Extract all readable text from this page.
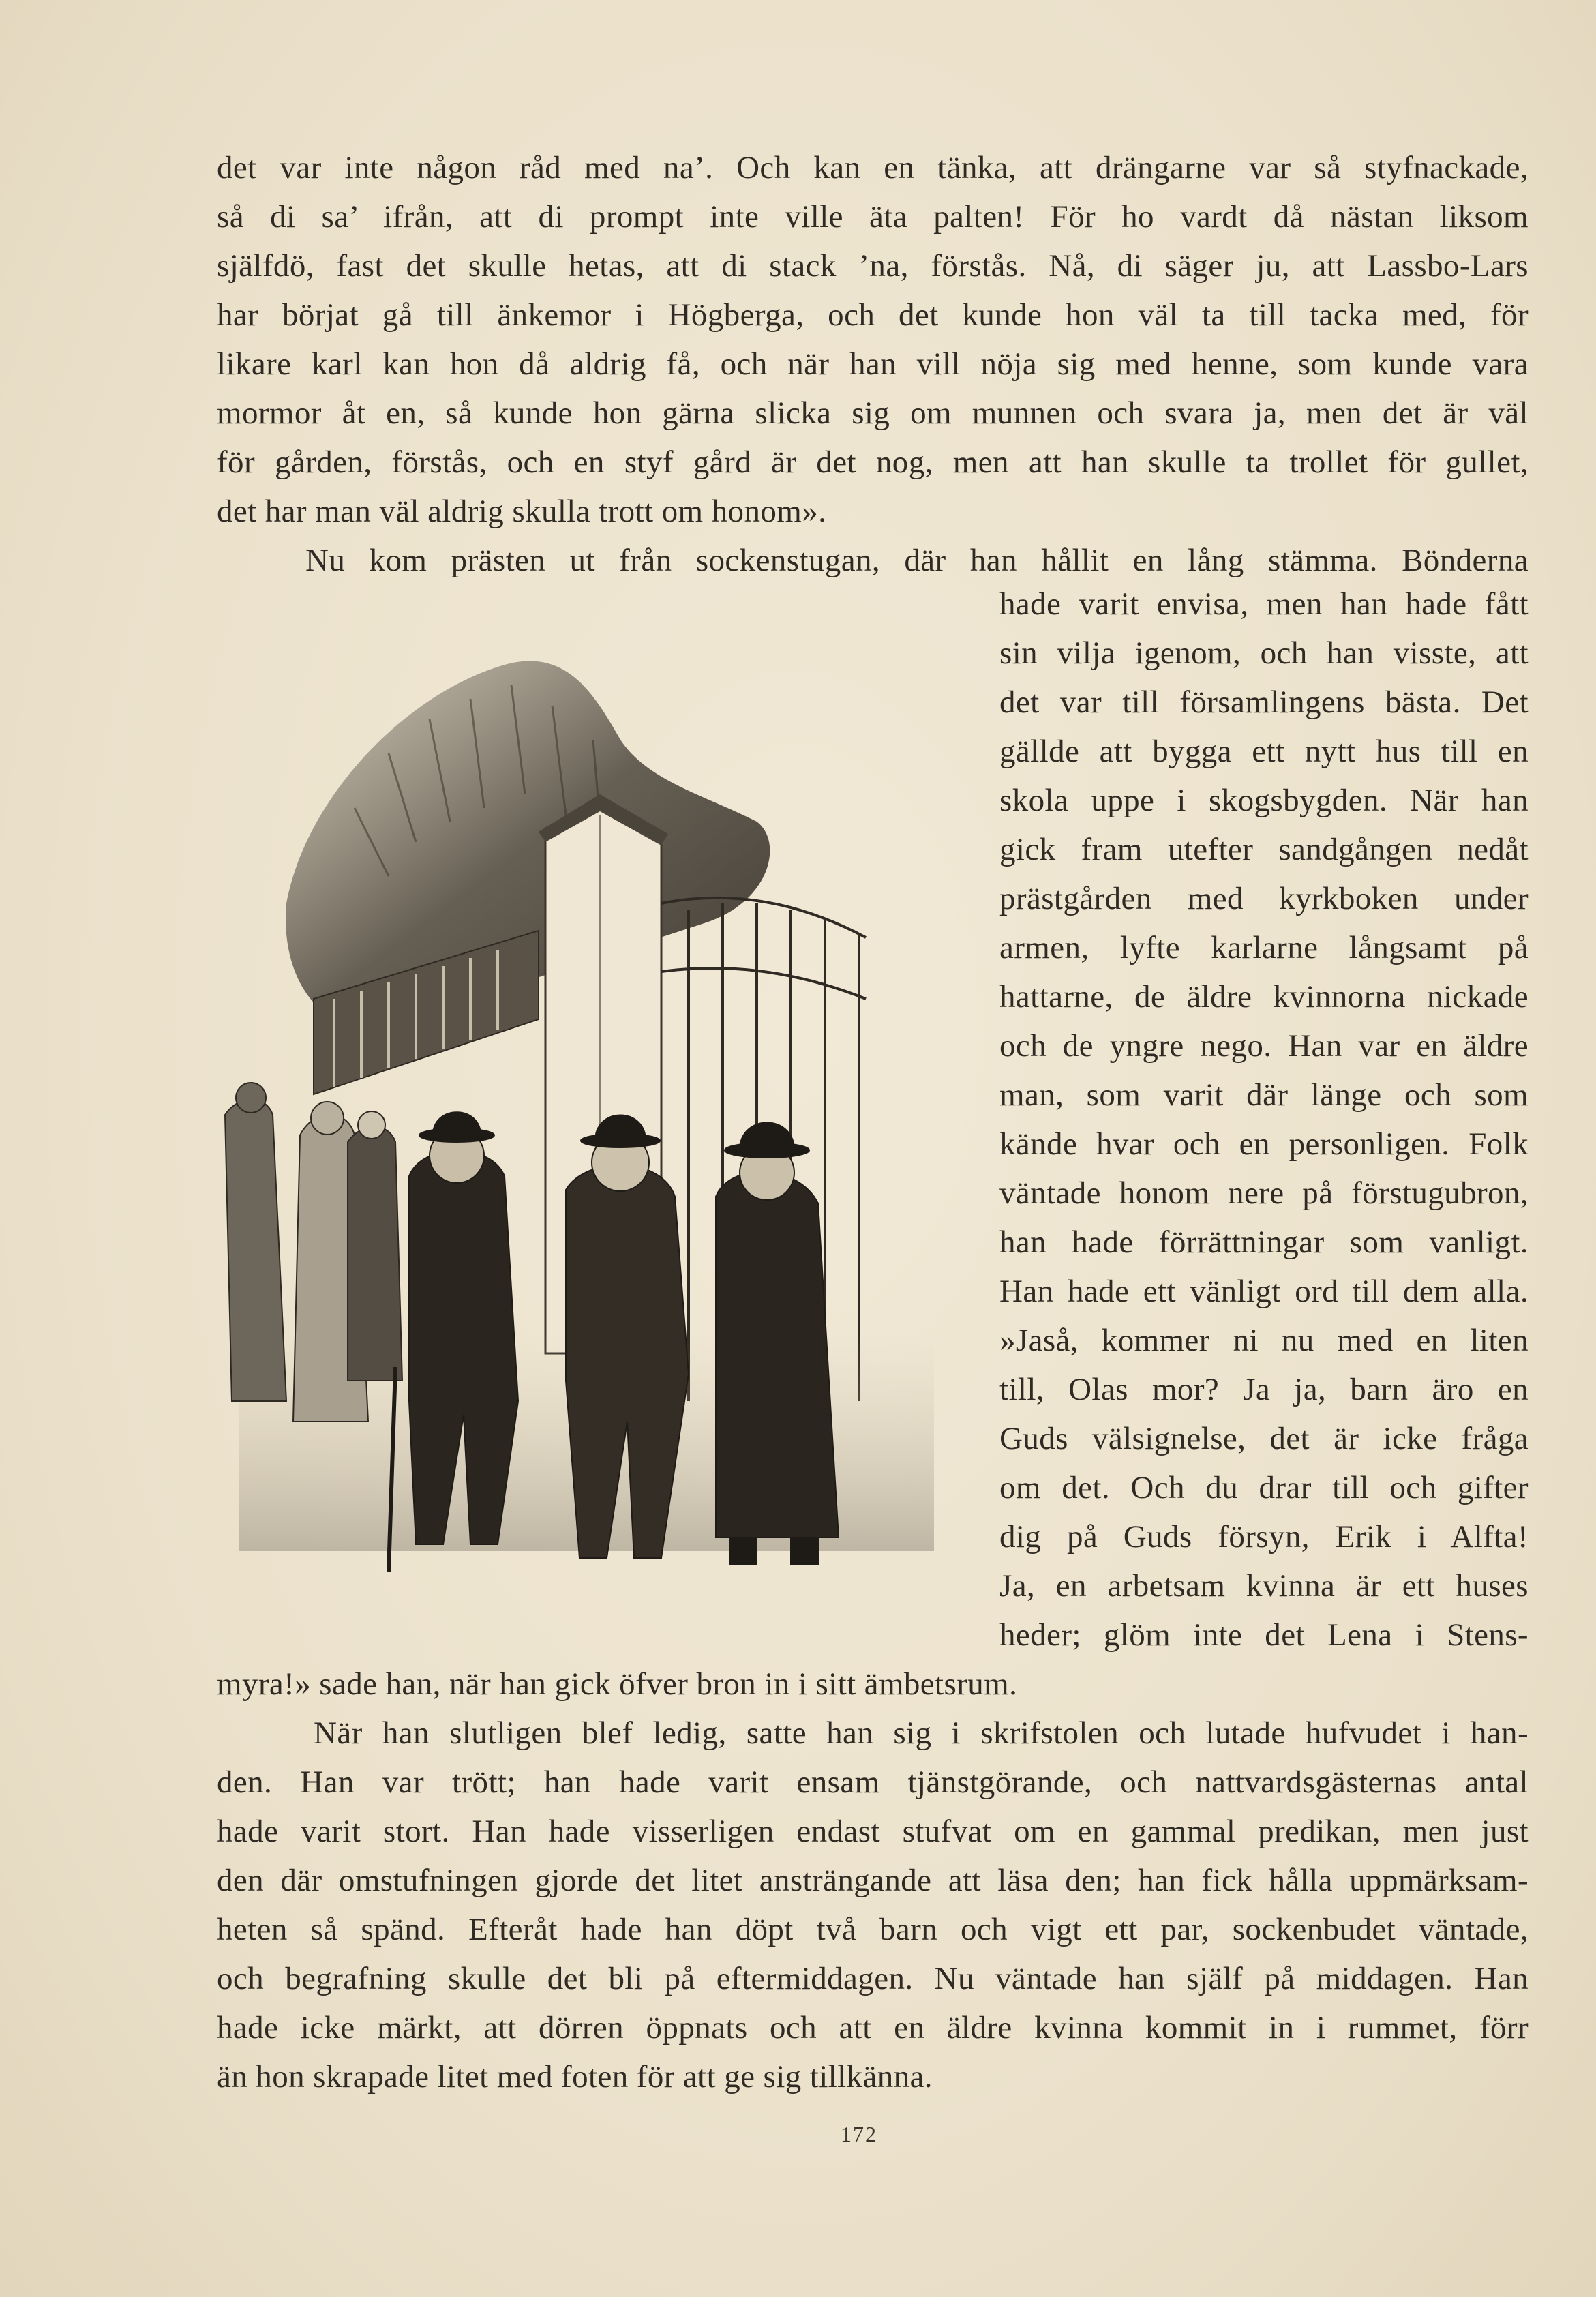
det var inte någon råd med na’. Och kan en tänka, att drängarne var så styfnackade,

så di sa’ ifrån, att di prompt inte ville äta palten! För ho vardt då nästan liksom

själfdö, fast det skulle hetas, att di stack ’na, förstås. Nå, di säger ju, att Lassbo-Lars

har börjat gå till änkemor i Högberga, och det kunde hon väl ta till tacka med, för

likare karl kan hon då aldrig få, och när han vill nöja sig med henne, som kunde vara

mormor åt en, så kunde hon gärna slicka sig om munnen och svara ja, men det är väl

för gården, förstås, och en styf gård är det nog, men att han skulle ta trollet för gullet,

det har man väl aldrig skulla trott om honom».

Nu kom prästen ut från sockenstugan, där han hållit en lång stämma. Bönderna

hade varit envisa, men han hade fått

sin vilja igenom, och han visste, att

det var till församlingens bästa. Det

gällde att bygga ett nytt hus till en

skola uppe i skogsbygden. När han

gick fram utefter sandgången nedåt

prästgården med kyrkboken under

armen, lyfte karlarne långsamt på

hattarne, de äldre kvinnorna nickade

och de yngre nego. Han var en äldre

man, som varit där länge och som

kände hvar och en personligen. Folk

väntade honom nere på förstugubron,

han hade förrättningar som vanligt.

Han hade ett vänligt ord till dem alla.

»Jaså, kommer ni nu med en liten

till, Olas mor? Ja ja, barn äro en

Guds välsignelse, det är icke fråga

om det. Och du drar till och gifter

dig på Guds försyn, Erik i Alfta!

Ja, en arbetsam kvinna är ett huses

heder; glöm inte det Lena i Stens-

myra!» sade han, när han gick öfver bron in i sitt ämbetsrum.

När han slutligen blef ledig, satte han sig i skrifstolen och lutade hufvudet i han-

den. Han var trött; han hade varit ensam tjänstgörande, och nattvardsgästernas antal

hade varit stort. Han hade visserligen endast stufvat om en gammal predikan, men just

den där omstufningen gjorde det litet ansträngande att läsa den; han fick hålla uppmärksam-

heten så spänd. Efteråt hade han döpt två barn och vigt ett par, sockenbudet väntade,

och begrafning skulle det bli på eftermiddagen. Nu väntade han själf på middagen. Han

hade icke märkt, att dörren öppnats och att en äldre kvinna kommit in i rummet, förr

än hon skrapade litet med foten för att ge sig tillkänna.

172
